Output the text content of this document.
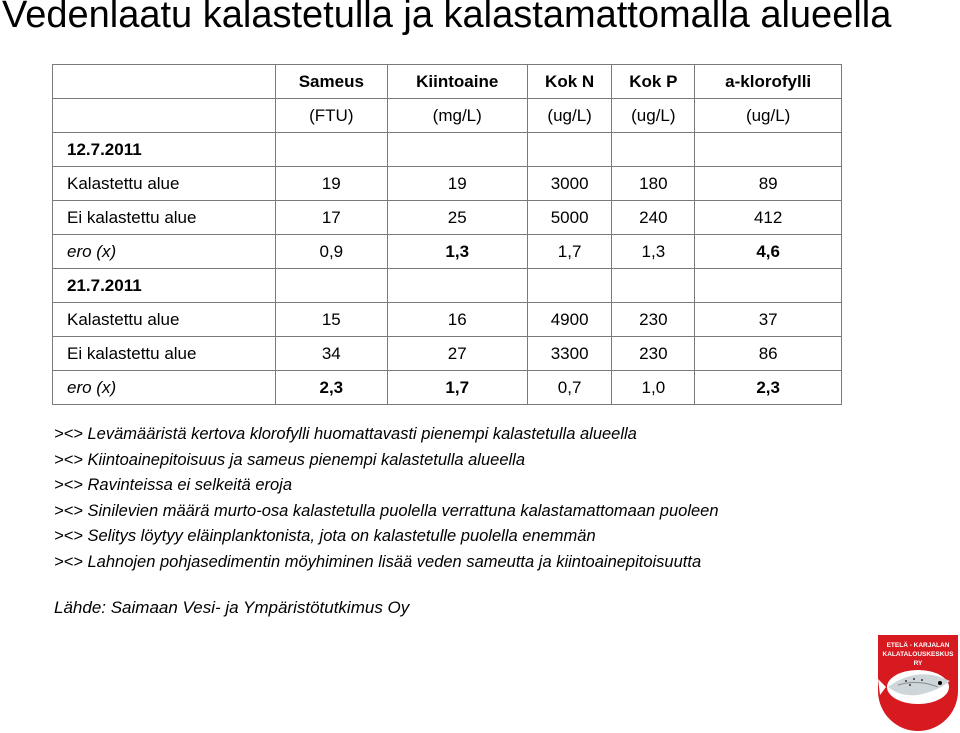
Vedenlaatu kalastetulla ja kalastamattomalla alueella
	Sameus	Kiintoaine	Kok N	Kok P	a-klorofylli
	(FTU)	(mg/L)	(ug/L)	(ug/L)	(ug/L)
12.7.2011					
Kalastettu alue	19	19	3000	180	89
Ei kalastettu alue	17	25	5000	240	412
ero (x)	0,9	1,3	1,7	1,3	4,6
21.7.2011					
Kalastettu alue	15	16	4900	230	37
Ei kalastettu alue	34	27	3300	230	86
ero (x)	2,3	1,7	0,7	1,0	2,3
><> Levämääristä kertova klorofylli huomattavasti pienempi kalastetulla alueella
><> Kiintoainepitoisuus ja sameus pienempi kalastetulla alueella
><> Ravinteissa ei selkeitä eroja
><> Sinilevien määrä murto-osa kalastetulla puolella verrattuna kalastamattomaan puoleen
><> Selitys löytyy eläinplanktonista, jota on kalastetulle puolella enemmän
><> Lahnojen pohjasedimentin möyhiminen lisää veden sameutta ja kiintoainepitoisuutta
Lähde: Saimaan Vesi- ja Ympäristötutkimus Oy
ETELÄ - KARJALAN
KALATALOUSKESKUS RY
